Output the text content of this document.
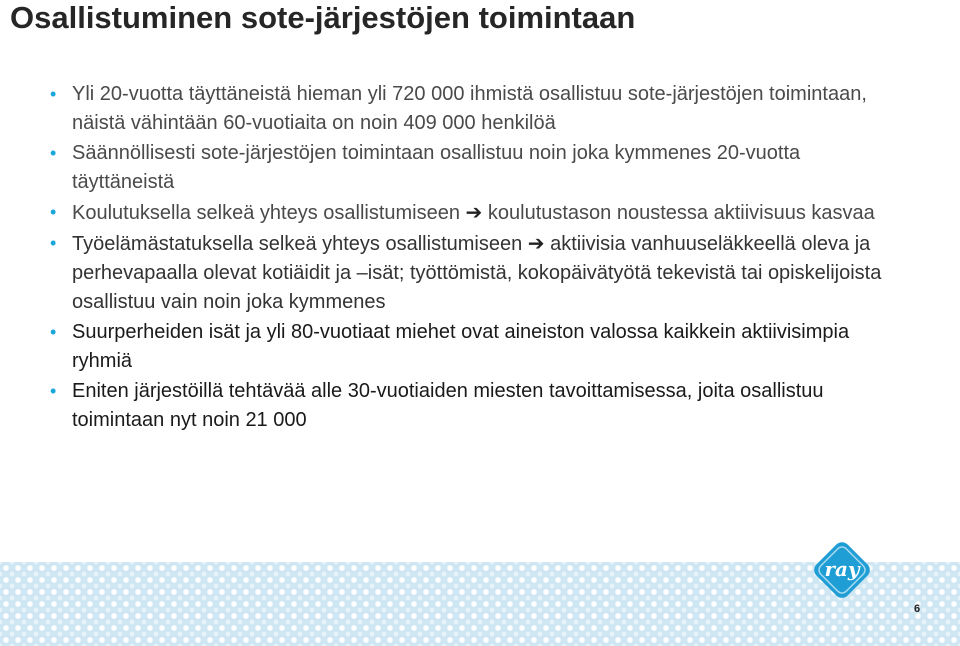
Osallistuminen sote-järjestöjen toimintaan
• Yli 20-vuotta täyttäneistä hieman yli 720 000 ihmistä osallistuu sote-järjestöjen toimintaan, näistä vähintään 60-vuotiaita on noin 409 000 henkilöä
• Säännöllisesti sote-järjestöjen toimintaan osallistuu noin joka kymmenes 20-vuotta täyttäneistä
• Koulutuksella selkeä yhteys osallistumiseen ➔ koulutustason noustessa aktiivisuus kasvaa
• Työelämästatuksella selkeä yhteys osallistumiseen ➔ aktiivisia vanhuuseläkkeellä oleva ja perhevapaalla olevat kotiäidit ja –isät; työttömistä, kokopäivätyötä tekevistä tai opiskelijoista osallistuu vain noin joka kymmenes
• Suurperheiden isät ja yli 80-vuotiaat miehet ovat aineiston valossa kaikkein aktiivisimpia ryhmiä
• Eniten järjestöillä tehtävää alle 30-vuotiaiden miesten tavoittamisessa, joita osallistuu toimintaan nyt noin 21 000
ray
6
